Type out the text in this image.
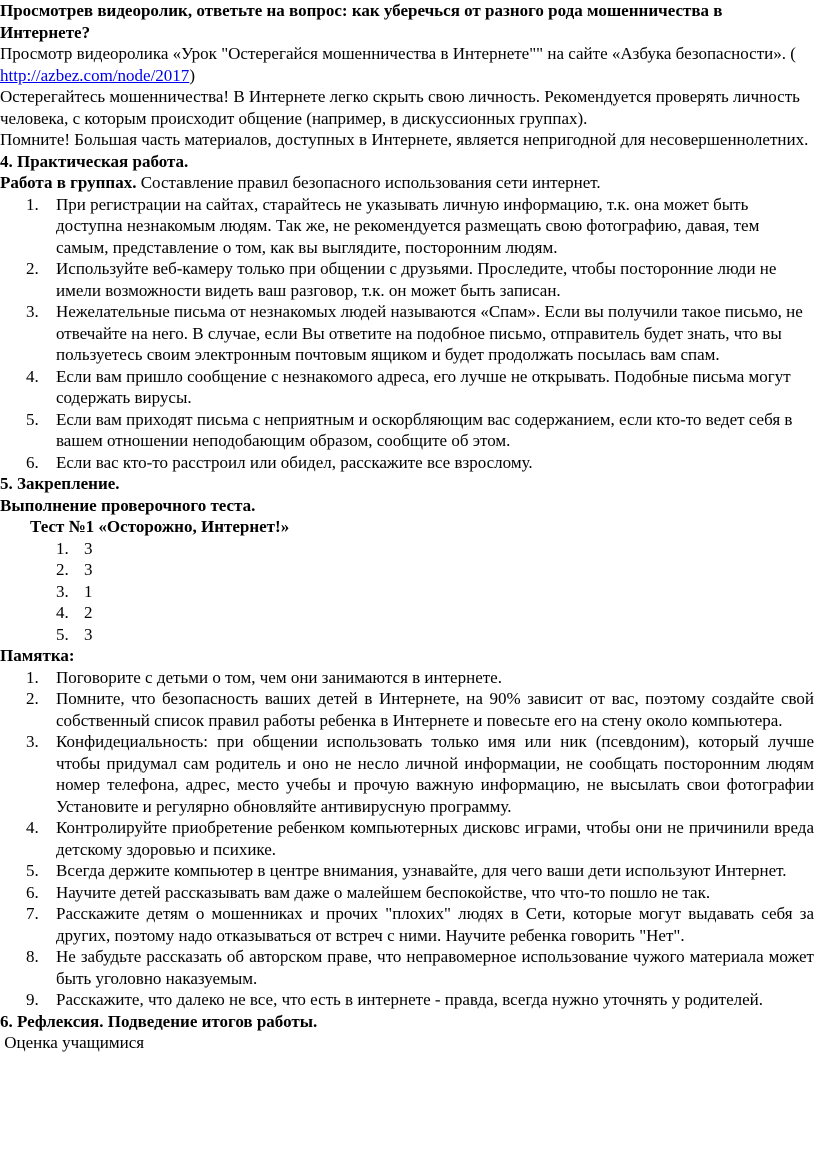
Просмотрев видеоролик, ответьте на вопрос: как уберечься от разного рода мошенничества в Интернете?

Просмотр видеоролика «Урок "Остерегайся мошенничества в Интернете"" на сайте «Азбука безопасности». ( http://azbez.com/node/2017)

Остерегайтесь мошенничества! В Интернете легко скрыть свою личность. Рекомендуется проверять личность человека, с которым происходит общение (например, в дискуссионных группах).

Помните! Большая часть материалов, доступных в Интернете, является непригодной для несовершеннолетних.

4. Практическая работа.

Работа в группах. Составление правил безопасного использования сети интернет.

1. При регистрации на сайтах, старайтесь не указывать личную информацию, т.к. она может быть доступна незнакомым людям. Так же, не рекомендуется размещать свою фотографию, давая, тем самым, представление о том, как вы выглядите, посторонним людям.
2. Используйте веб-камеру только при общении с друзьями. Проследите, чтобы посторонние люди не имели возможности видеть ваш разговор, т.к. он может быть записан.
3. Нежелательные письма от незнакомых людей называются «Спам». Если вы получили такое письмо, не отвечайте на него. В случае, если Вы ответите на подобное письмо, отправитель будет знать, что вы пользуетесь своим электронным почтовым ящиком и будет продолжать посылась вам спам.
4. Если вам пришло сообщение с незнакомого адреса, его лучше не открывать. Подобные письма могут содержать вирусы.
5. Если вам приходят письма с неприятным и оскорбляющим вас содержанием, если кто-то ведет себя в вашем отношении неподобающим образом, сообщите об этом.
6. Если вас кто-то расстроил или обидел, расскажите все взрослому.

5. Закрепление.

Выполнение проверочного теста.

Тест №1 «Осторожно, Интернет!»

1. 3
2. 3
3. 1
4. 2
5. 3

Памятка:

1. Поговорите с детьми о том, чем они занимаются в интернете.
2. Помните, что безопасность ваших детей в Интернете, на 90% зависит от вас, поэтому создайте свой собственный список правил работы ребенка в Интернете и повесьте его на стену около компьютера.
3. Конфидециальность: при общении использовать только имя или ник (псевдоним), который лучше чтобы придумал сам родитель и оно не несло личной информации, не сообщать посторонним людям номер телефона, адрес, место учебы и прочую важную информацию, не высылать свои фотографии Установите и регулярно обновляйте антивирусную программу.
4. Контролируйте приобретение ребенком компьютерных дисковс играми, чтобы они не причинили вреда детскому здоровью и психике.
5. Всегда держите компьютер в центре внимания, узнавайте, для чего ваши дети используют Интернет.
6. Научите детей рассказывать вам даже о малейшем беспокойстве, что что-то пошло не так.
7. Расскажите детям о мошенниках и прочих "плохих" людях в Сети, которые могут выдавать себя за других, поэтому надо отказываться от встреч с ними. Научите ребенка говорить "Нет".
8. Не забудьте рассказать об авторском праве, что неправомерное использование чужого материала может быть уголовно наказуемым.
9. Расскажите, что далеко не все, что есть в интернете - правда, всегда нужно уточнять у родителей.

6. Рефлексия. Подведение итогов работы.

Оценка учащимися
